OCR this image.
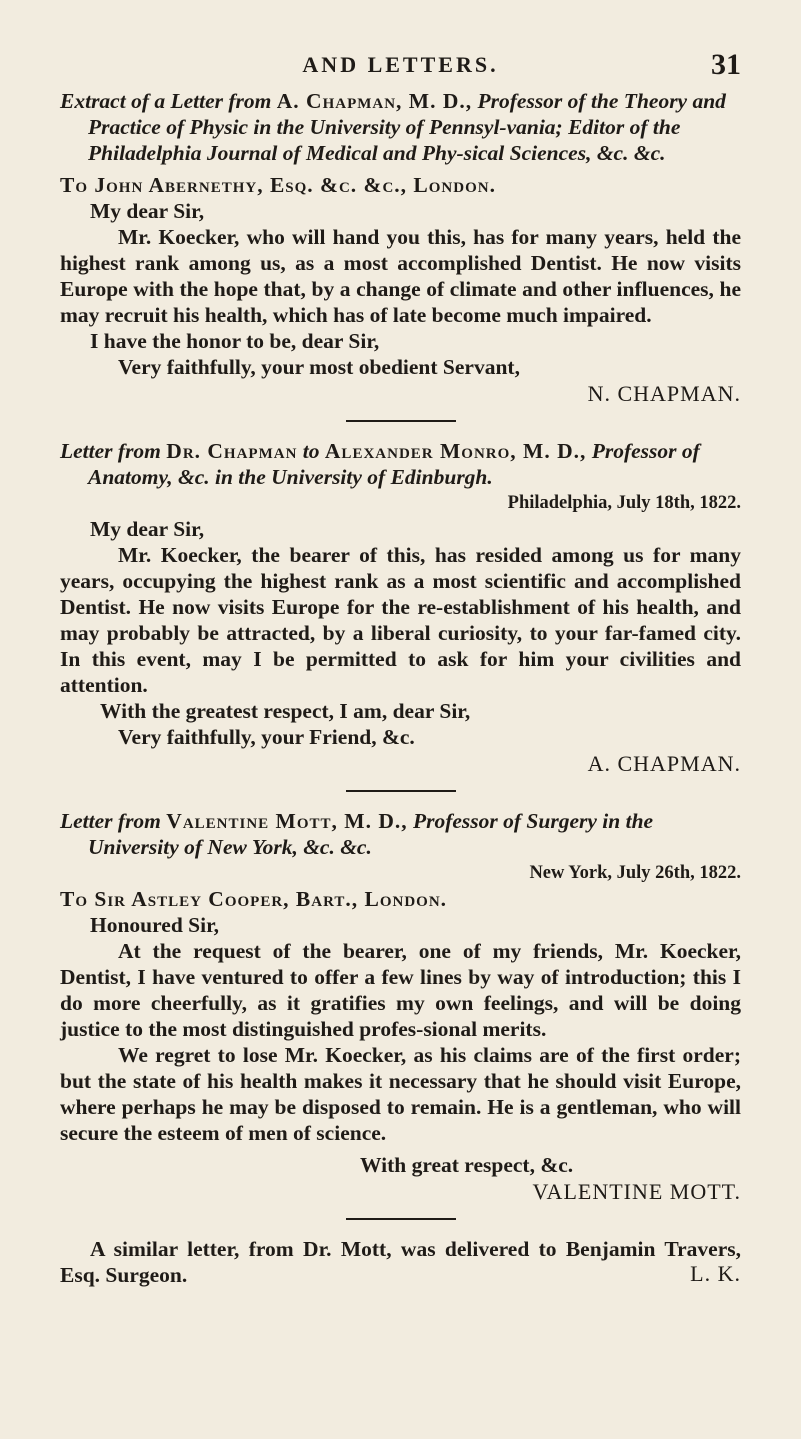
AND LETTERS.	31

Extract of a Letter from A. Chapman, M. D., Professor of the Theory and Practice of Physic in the University of Pennsyl-vania; Editor of the Philadelphia Journal of Medical and Phy-sical Sciences, &c. &c.

To John Abernethy, Esq. &c. &c., London.

My dear Sir,

Mr. Koecker, who will hand you this, has for many years, held the highest rank among us, as a most accomplished Dentist. He now visits Europe with the hope that, by a change of climate and other influences, he may recruit his health, which has of late become much impaired.

I have the honor to be, dear Sir,

Very faithfully, your most obedient Servant,

N. CHAPMAN.

Letter from Dr. Chapman to Alexander Monro, M. D., Professor of Anatomy, &c. in the University of Edinburgh.

Philadelphia, July 18th, 1822.

My dear Sir,

Mr. Koecker, the bearer of this, has resided among us for many years, occupying the highest rank as a most scientific and accomplished Dentist. He now visits Europe for the re-establishment of his health, and may probably be attracted, by a liberal curiosity, to your far-famed city. In this event, may I be permitted to ask for him your civilities and attention.

With the greatest respect, I am, dear Sir,

Very faithfully, your Friend, &c.

A. CHAPMAN.

Letter from Valentine Mott, M. D., Professor of Surgery in the University of New York, &c. &c.

New York, July 26th, 1822.

To Sir Astley Cooper, Bart., London.

Honoured Sir,

At the request of the bearer, one of my friends, Mr. Koecker, Dentist, I have ventured to offer a few lines by way of introduction; this I do more cheerfully, as it gratifies my own feelings, and will be doing justice to the most distinguished profes-sional merits.

We regret to lose Mr. Koecker, as his claims are of the first order; but the state of his health makes it necessary that he should visit Europe, where perhaps he may be disposed to remain. He is a gentleman, who will secure the esteem of men of science.

With great respect, &c.

VALENTINE MOTT.

A similar letter, from Dr. Mott, was delivered to Benjamin Travers, Esq. Surgeon.	L. K.
